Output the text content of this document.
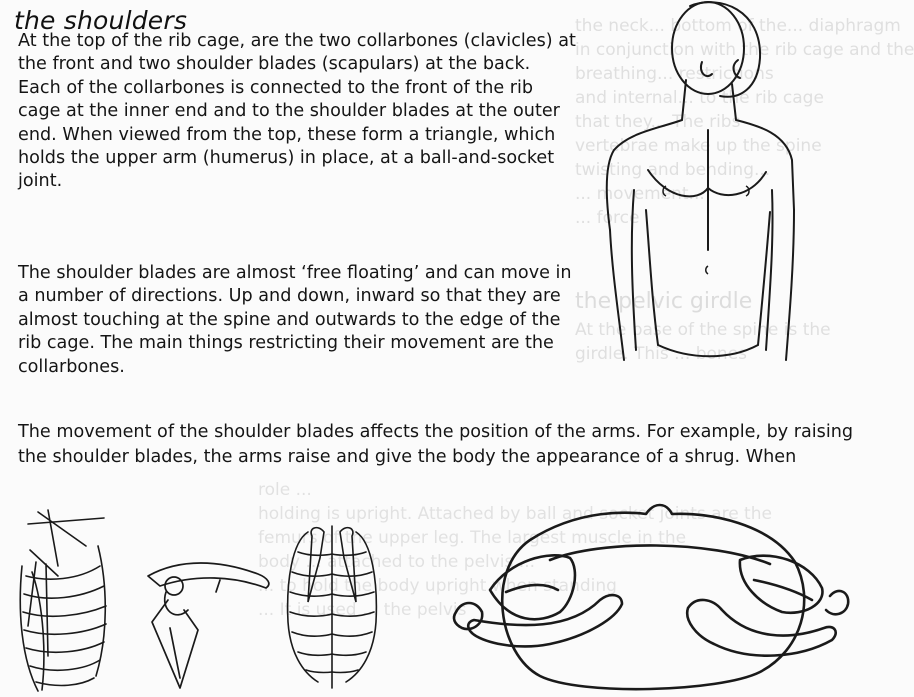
the neck... bottom of the... diaphragm
in conjunction with the rib cage and the
breathing... restrictions
and internal... to the rib cage
that they... The ribs
vertebrae make up the spine
twisting and bending...
... movement...
... force
the pelvic girdle
At the base of the spine is the
girdle. This ... bones
role ...
holding is upright. Attached by ball and socket joints are the
femurs of the upper leg. The largest muscle in the
body ... attached to the pelvis ...
... to hold the body upright when standing
... It is used ... the pelvis
the shoulders

At the top of the rib cage, are the two collarbones (clavicles) at the front and two shoulder blades (scapulars) at the back. Each of the collarbones is connected to the front of the rib cage at the inner end and to the shoulder blades at the outer end. When viewed from the top, these form a triangle, which holds the upper arm (humerus) in place, at a ball-and-socket joint.

The shoulder blades are almost ‘free floating’ and can move in a number of directions. Up and down, inward so that they are almost touching at the spine and outwards to the edge of the rib cage. The main things restricting their movement are the collarbones.

The movement of the shoulder blades affects the position of the arms. For example, by raising the shoulder blades, the arms raise and give the body the appearance of a shrug. When
